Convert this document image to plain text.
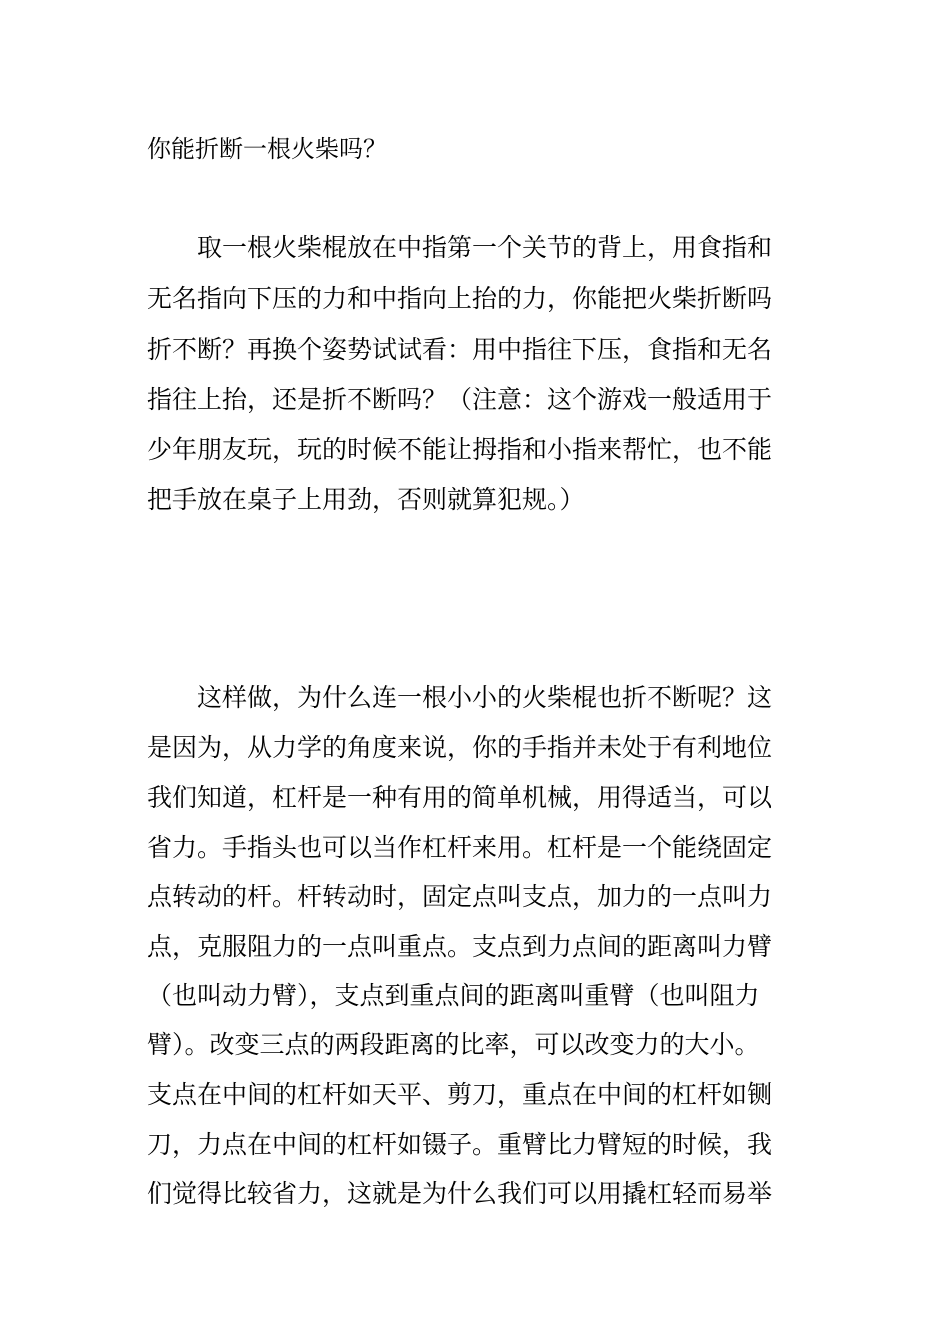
你能折断一根火柴吗？
　　取一根火柴棍放在中指第一个关节的背上，用食指和
无名指向下压的力和中指向上抬的力，你能把火柴折断吗
折不断？再换个姿势试试看：用中指往下压，食指和无名
指往上抬，还是折不断吗？（注意：这个游戏一般适用于
少年朋友玩，玩的时候不能让拇指和小指来帮忙，也不能
把手放在桌子上用劲，否则就算犯规。）
　　这样做，为什么连一根小小的火柴棍也折不断呢？这
是因为，从力学的角度来说，你的手指并未处于有利地位
我们知道，杠杆是一种有用的简单机械，用得适当，可以
省力。手指头也可以当作杠杆来用。杠杆是一个能绕固定
点转动的杆。杆转动时，固定点叫支点，加力的一点叫力
点，克服阻力的一点叫重点。支点到力点间的距离叫力臂
（也叫动力臂），支点到重点间的距离叫重臂（也叫阻力
臂）。改变三点的两段距离的比率，可以改变力的大小。
支点在中间的杠杆如天平、剪刀，重点在中间的杠杆如铡
刀，力点在中间的杠杆如镊子。重臂比力臂短的时候，我
们觉得比较省力，这就是为什么我们可以用撬杠轻而易举
